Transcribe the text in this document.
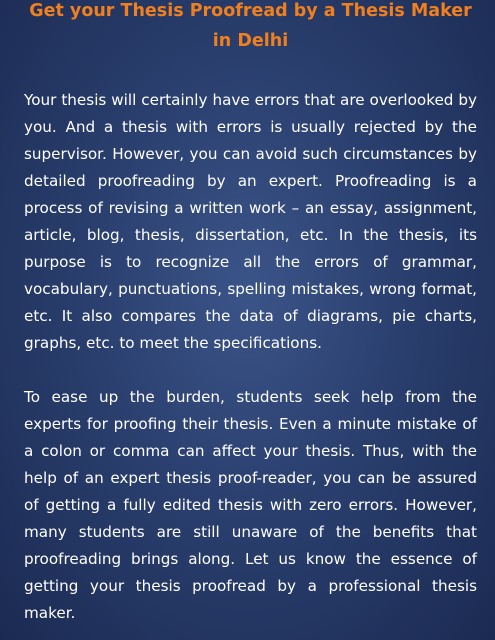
Get your Thesis Proofread by a Thesis Maker in Delhi

Your thesis will certainly have errors that are overlooked by you. And a thesis with errors is usually rejected by the supervisor. However, you can avoid such circumstances by detailed proofreading by an expert. Proofreading is a process of revising a written work – an essay, assignment, article, blog, thesis, dissertation, etc. In the thesis, its purpose is to recognize all the errors of grammar, vocabulary, punctuations, spelling mistakes, wrong format, etc. It also compares the data of diagrams, pie charts, graphs, etc. to meet the specifications.

To ease up the burden, students seek help from the experts for proofing their thesis. Even a minute mistake of a colon or comma can affect your thesis. Thus, with the help of an expert thesis proof-reader, you can be assured of getting a fully edited thesis with zero errors. However, many students are still unaware of the benefits that proofreading brings along. Let us know the essence of getting your thesis proofread by a professional thesis maker.
